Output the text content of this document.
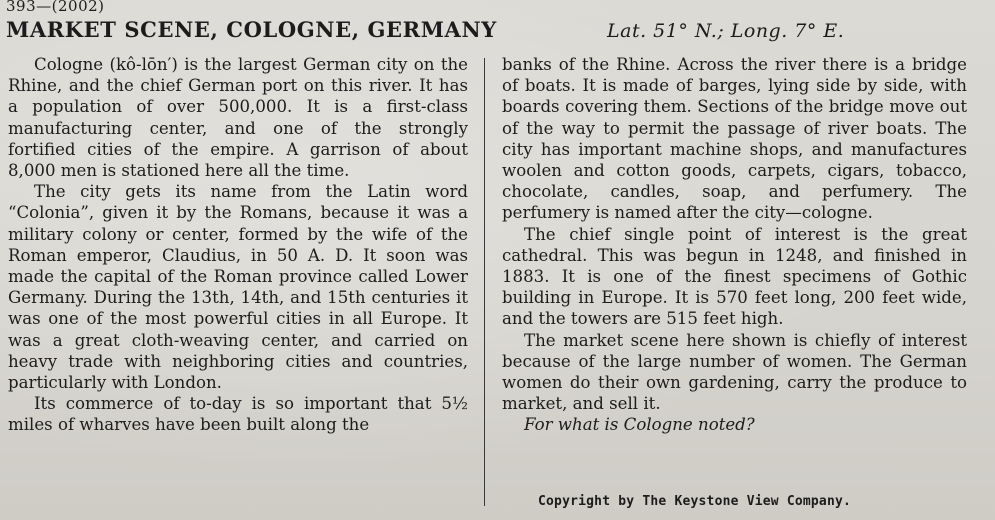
393—(2002)
MARKET SCENE, COLOGNE, GERMANY	Lat. 51° N.; Long. 7° E.

Cologne (kô-lōn′) is the largest German city on the Rhine, and the chief German port on this river. It has a population of over 500,000. It is a first-class manufacturing center, and one of the strongly fortified cities of the empire. A garrison of about 8,000 men is stationed here all the time.

The city gets its name from the Latin word “Colonia”, given it by the Romans, because it was a military colony or center, formed by the wife of the Roman emperor, Claudius, in 50 A. D. It soon was made the capital of the Roman province called Lower Germany. During the 13th, 14th, and 15th centuries it was one of the most powerful cities in all Europe. It was a great cloth-weaving center, and carried on heavy trade with neighboring cities and countries, particularly with London.

Its commerce of to-day is so important that 5½ miles of wharves have been built along the

banks of the Rhine. Across the river there is a bridge of boats. It is made of barges, lying side by side, with boards covering them. Sections of the bridge move out of the way to permit the passage of river boats. The city has important machine shops, and manufactures woolen and cotton goods, carpets, cigars, tobacco, chocolate, candles, soap, and perfumery. The perfumery is named after the city—cologne.

The chief single point of interest is the great cathedral. This was begun in 1248, and finished in 1883. It is one of the finest specimens of Gothic building in Europe. It is 570 feet long, 200 feet wide, and the towers are 515 feet high.

The market scene here shown is chiefly of interest because of the large number of women. The German women do their own gardening, carry the produce to market, and sell it.

For what is Cologne noted?

Copyright by The Keystone View Company.
